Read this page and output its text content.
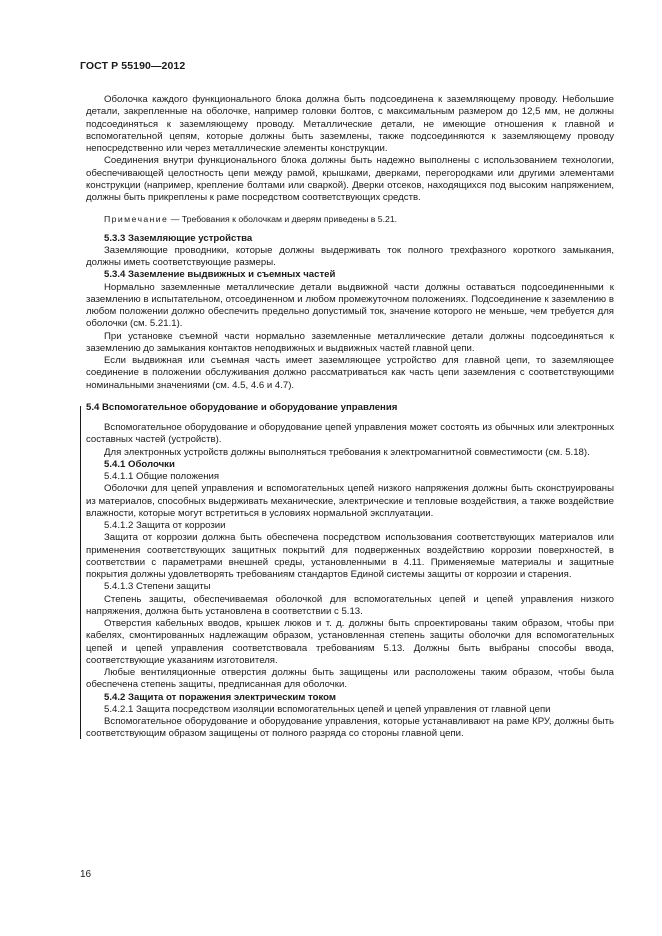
ГОСТ Р 55190—2012

Оболочка каждого функционального блока должна быть подсоединена к заземляющему проводу. Небольшие детали, закрепленные на оболочке, например головки болтов, с максимальным размером до 12,5 мм, не должны подсоединяться к заземляющему проводу. Металлические детали, не имеющие отношения к главной и вспомогательной цепям, которые должны быть заземлены, также подсоединяются к заземляющему проводу непосредственно или через металлические элементы конструкции.

Соединения внутри функционального блока должны быть надежно выполнены с использованием технологии, обеспечивающей целостность цепи между рамой, крышками, дверками, перегородками или другими элементами конструкции (например, крепление болтами или сваркой). Дверки отсеков, находящихся под высоким напряжением, должны быть прикреплены к раме посредством соответствующих средств.

Примечание — Требования к оболочкам и дверям приведены в 5.21.

5.3.3 Заземляющие устройства

Заземляющие проводники, которые должны выдерживать ток полного трехфазного короткого замыкания, должны иметь соответствующие размеры.

5.3.4 Заземление выдвижных и съемных частей

Нормально заземленные металлические детали выдвижной части должны оставаться подсоединенными к заземлению в испытательном, отсоединенном и любом промежуточном положениях. Подсоединение к заземлению в любом положении должно обеспечить предельно допустимый ток, значение которого не меньше, чем требуется для оболочки (см. 5.21.1).

При установке съемной части нормально заземленные металлические детали должны подсоединяться к заземлению до замыкания контактов неподвижных и выдвижных частей главной цепи.

Если выдвижная или съемная часть имеет заземляющее устройство для главной цепи, то заземляющее соединение в положении обслуживания должно рассматриваться как часть цепи заземления с соответствующими номинальными значениями (см. 4.5, 4.6 и 4.7).

5.4 Вспомогательное оборудование и оборудование управления

Вспомогательное оборудование и оборудование цепей управления может состоять из обычных или электронных составных частей (устройств).

Для электронных устройств должны выполняться требования к электромагнитной совместимости (см. 5.18).

5.4.1 Оболочки

5.4.1.1 Общие положения

Оболочки для цепей управления и вспомогательных цепей низкого напряжения должны быть сконструированы из материалов, способных выдерживать механические, электрические и тепловые воздействия, а также воздействие влажности, которые могут встретиться в условиях нормальной эксплуатации.

5.4.1.2 Защита от коррозии

Защита от коррозии должна быть обеспечена посредством использования соответствующих материалов или применения соответствующих защитных покрытий для подверженных воздействию коррозии поверхностей, в соответствии с параметрами внешней среды, установленными в 4.11. Применяемые материалы и защитные покрытия должны удовлетворять требованиям стандартов Единой системы защиты от коррозии и старения.

5.4.1.3 Степени защиты

Степень защиты, обеспечиваемая оболочкой для вспомогательных цепей и цепей управления низкого напряжения, должна быть установлена в соответствии с 5.13.

Отверстия кабельных вводов, крышек люков и т. д. должны быть спроектированы таким образом, чтобы при кабелях, смонтированных надлежащим образом, установленная степень защиты оболочки для вспомогательных цепей и цепей управления соответствовала требованиям 5.13. Должны быть выбраны способы ввода, соответствующие указаниям изготовителя.

Любые вентиляционные отверстия должны быть защищены или расположены таким образом, чтобы была обеспечена степень защиты, предписанная для оболочки.

5.4.2 Защита от поражения электрическим током

5.4.2.1 Защита посредством изоляции вспомогательных цепей и цепей управления от главной цепи

Вспомогательное оборудование и оборудование управления, которые устанавливают на раме КРУ, должны быть соответствующим образом защищены от полного разряда со стороны главной цепи.

16
